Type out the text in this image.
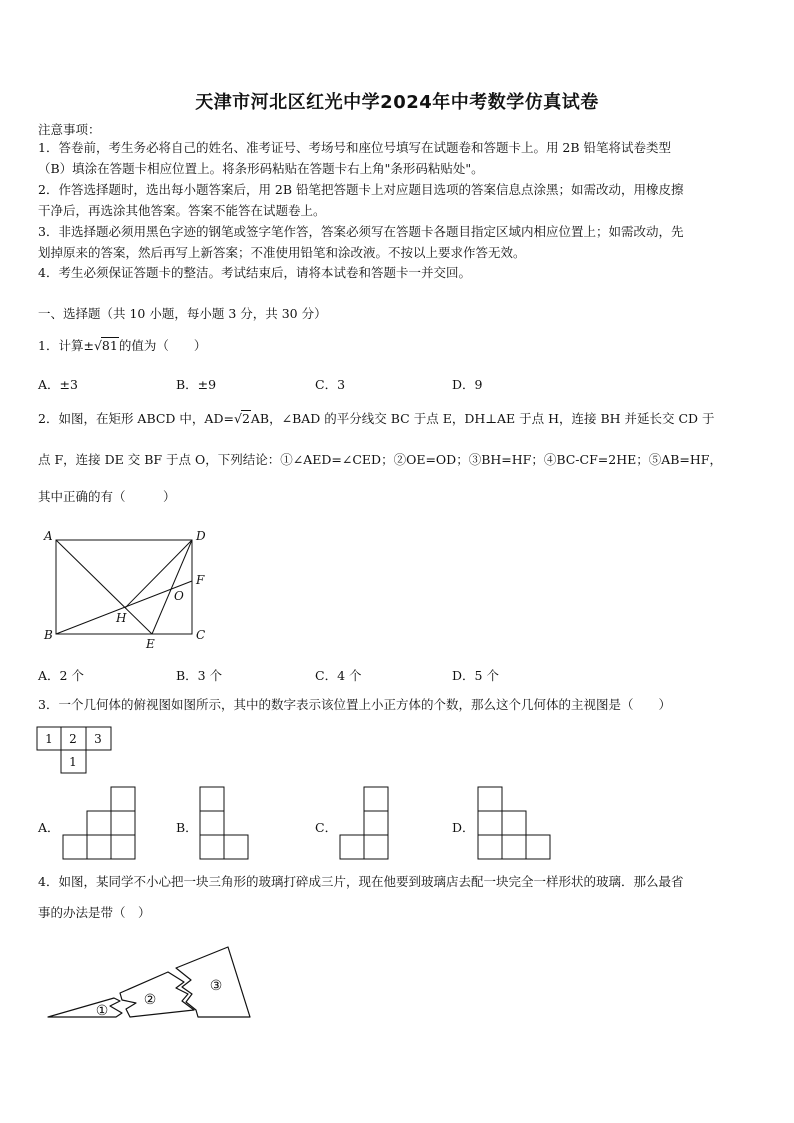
天津市河北区红光中学2024年中考数学仿真试卷
注意事项：
1．答卷前，考生务必将自己的姓名、准考证号、考场号和座位号填写在试题卷和答题卡上。用 2B 铅笔将试卷类型
（B）填涂在答题卡相应位置上。将条形码粘贴在答题卡右上角"条形码粘贴处"。
2．作答选择题时，选出每小题答案后，用 2B 铅笔把答题卡上对应题目选项的答案信息点涂黑；如需改动，用橡皮擦
干净后，再选涂其他答案。答案不能答在试题卷上。
3．非选择题必须用黑色字迹的钢笔或签字笔作答，答案必须写在答题卡各题目指定区域内相应位置上；如需改动，先
划掉原来的答案，然后再写上新答案；不准使用铅笔和涂改液。不按以上要求作答无效。
4．考生必须保证答题卡的整洁。考试结束后，请将本试卷和答题卡一并交回。
一、选择题（共 10 小题，每小题 3 分，共 30 分）
1．计算±√81的值为（　　）
A．±3	B．±9	C．3	D．9
2．如图，在矩形 ABCD 中，AD=√2AB，∠BAD 的平分线交 BC 于点 E，DH⊥AE 于点 H，连接 BH 并延长交 CD 于
点 F，连接 DE 交 BF 于点 O，下列结论：①∠AED=∠CED；②OE=OD；③BH=HF；④BC-CF=2HE；⑤AB=HF，
其中正确的有（　　　）
A
B	C
D
E
F
H
O
A．2 个	B．3 个	C．4 个	D．5 个
3．一个几何体的俯视图如图所示，其中的数字表示该位置上小正方体的个数，那么这个几何体的主视图是（　　）
1 2 3
1
A．	B．	C．	D．
4．如图，某同学不小心把一块三角形的玻璃打碎成三片，现在他要到玻璃店去配一块完全一样形状的玻璃．那么最省
事的办法是带（　）
①
②
③
